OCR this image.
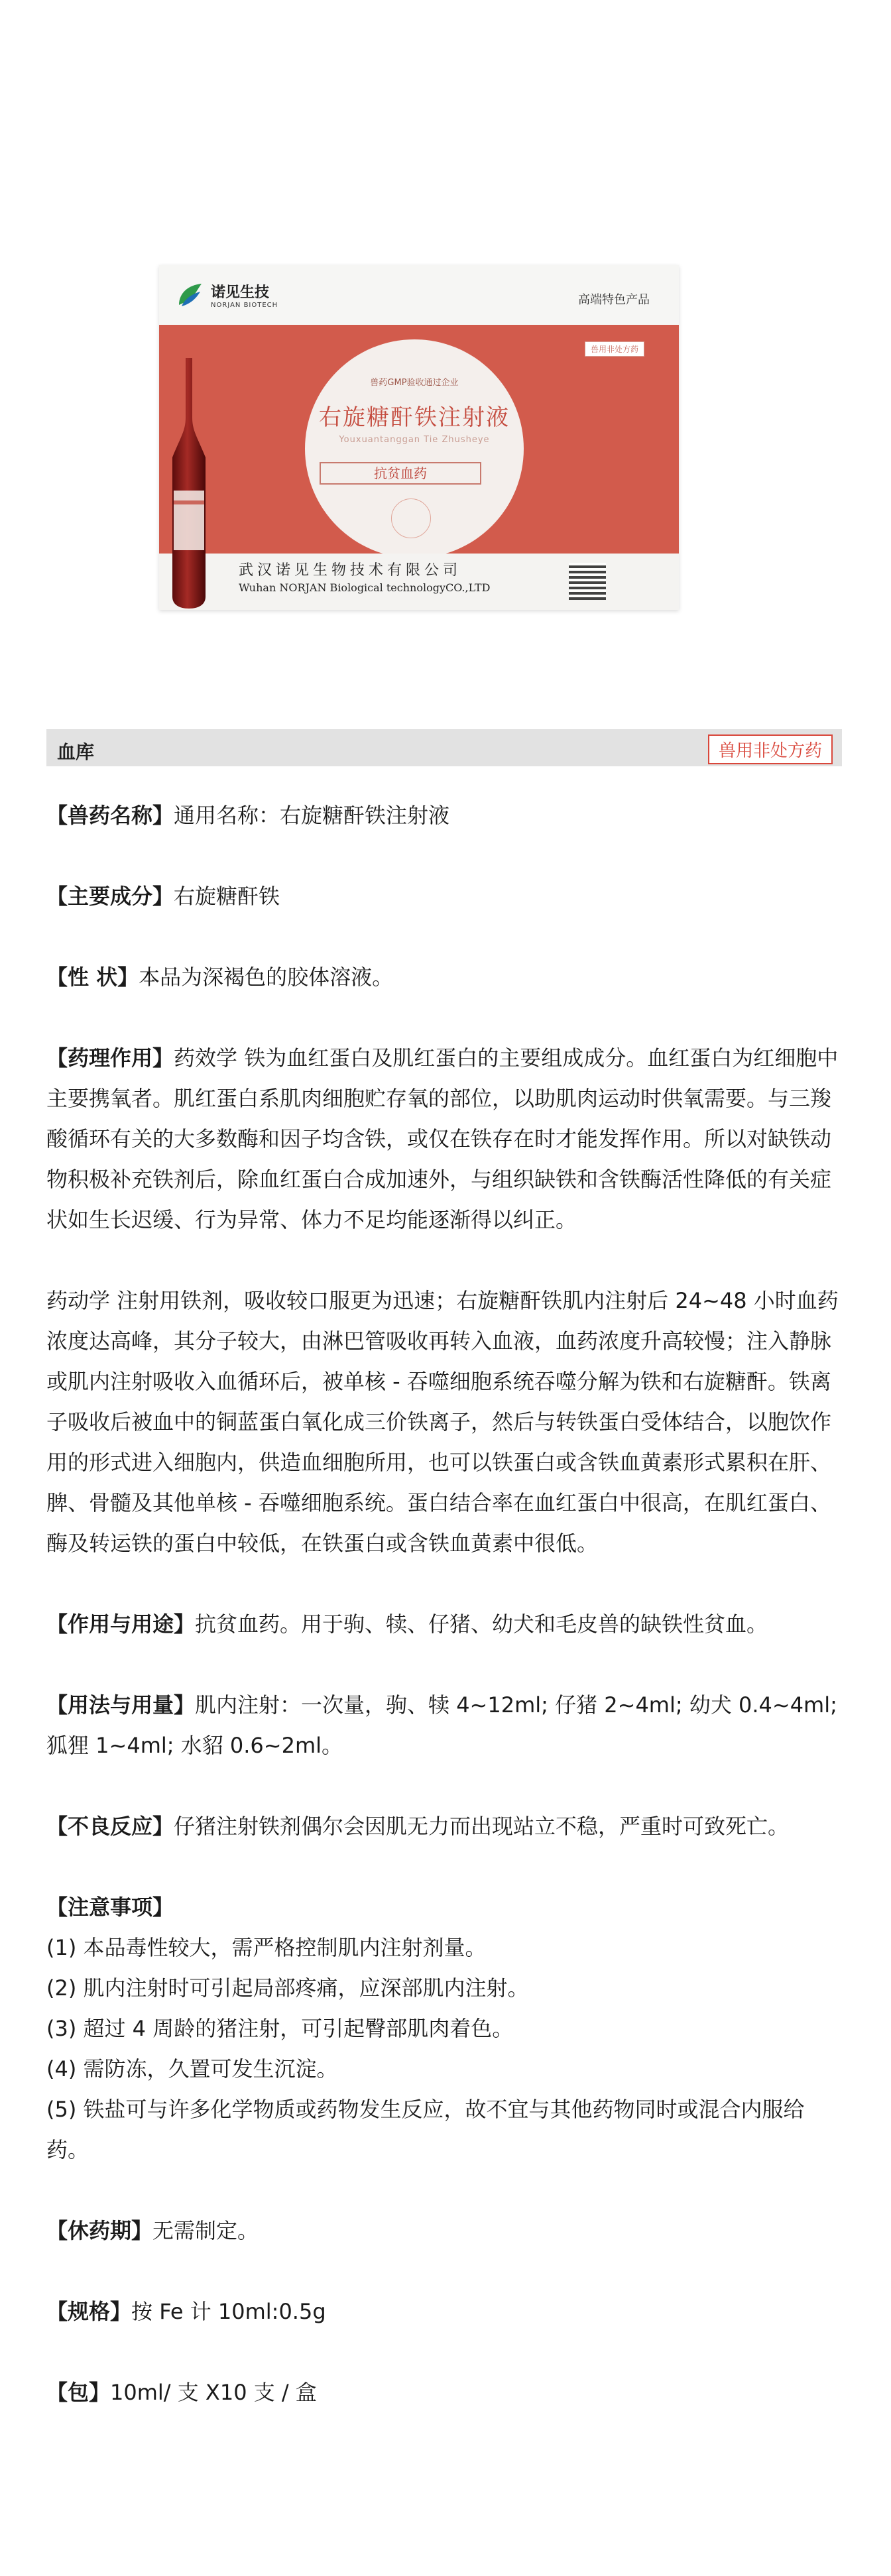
诺见生技
NORJAN BIOTECH	高端特色产品
兽用非处方药
兽药GMP验收通过企业
右旋糖酐铁注射液
Youxuantanggan Tie Zhusheye
抗贫血药
武汉诺见生物技术有限公司
Wuhan NORJAN Biological technologyCO.,LTD
血库	兽用非处方药

【兽药名称】通用名称：右旋糖酐铁注射液

【主要成分】右旋糖酐铁

【性 状】本品为深褐色的胶体溶液。

【药理作用】药效学 铁为血红蛋白及肌红蛋白的主要组成成分。血红蛋白为红细胞中主要携氧者。肌红蛋白系肌肉细胞贮存氧的部位，以助肌肉运动时供氧需要。与三羧酸循环有关的大多数酶和因子均含铁，或仅在铁存在时才能发挥作用。所以对缺铁动物积极补充铁剂后，除血红蛋白合成加速外，与组织缺铁和含铁酶活性降低的有关症状如生长迟缓、行为异常、体力不足均能逐渐得以纠正。

药动学 注射用铁剂，吸收较口服更为迅速；右旋糖酐铁肌内注射后 24~48 小时血药浓度达高峰，其分子较大，由淋巴管吸收再转入血液，血药浓度升高较慢；注入静脉或肌内注射吸收入血循环后，被单核 - 吞噬细胞系统吞噬分解为铁和右旋糖酐。铁离子吸收后被血中的铜蓝蛋白氧化成三价铁离子，然后与转铁蛋白受体结合，以胞饮作用的形式进入细胞内，供造血细胞所用，也可以铁蛋白或含铁血黄素形式累积在肝、脾、骨髓及其他单核 - 吞噬细胞系统。蛋白结合率在血红蛋白中很高，在肌红蛋白、酶及转运铁的蛋白中较低，在铁蛋白或含铁血黄素中很低。

【作用与用途】抗贫血药。用于驹、犊、仔猪、幼犬和毛皮兽的缺铁性贫血。

【用法与用量】肌内注射：一次量，驹、犊 4~12ml; 仔猪 2~4ml; 幼犬 0.4~4ml; 狐狸 1~4ml; 水貂 0.6~2ml。

【不良反应】仔猪注射铁剂偶尔会因肌无力而出现站立不稳，严重时可致死亡。

【注意事项】

(1) 本品毒性较大，需严格控制肌内注射剂量。

(2) 肌内注射时可引起局部疼痛，应深部肌内注射。

(3) 超过 4 周龄的猪注射，可引起臀部肌肉着色。

(4) 需防冻，久置可发生沉淀。

(5) 铁盐可与许多化学物质或药物发生反应，故不宜与其他药物同时或混合内服给药。

【休药期】无需制定。

【规格】按 Fe 计 10ml:0.5g

【包】10ml/ 支 X10 支 / 盒
